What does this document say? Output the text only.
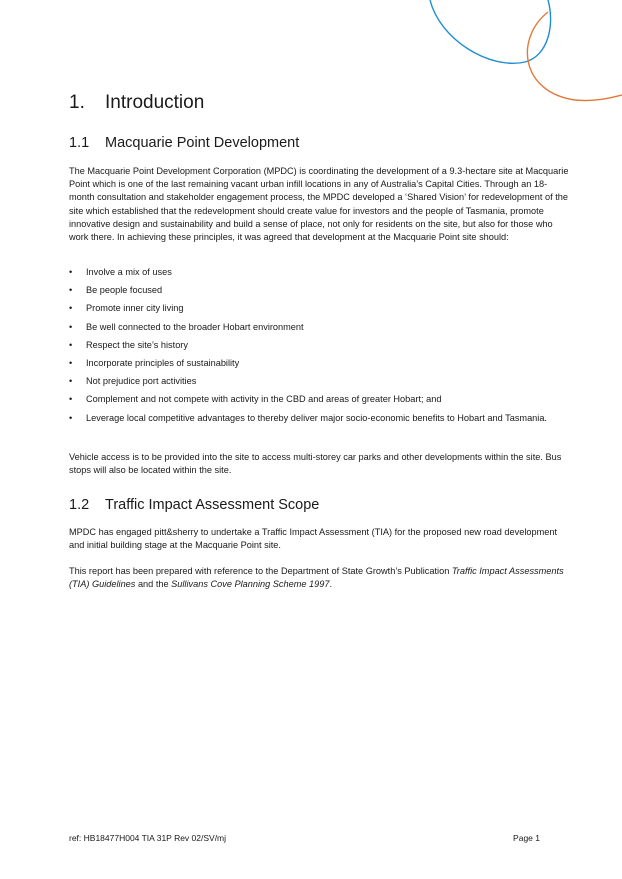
1. Introduction
1.1 Macquarie Point Development

The Macquarie Point Development Corporation (MPDC) is coordinating the development of a 9.3-hectare site at Macquarie Point which is one of the last remaining vacant urban infill locations in any of Australia’s Capital Cities. Through an 18-month consultation and stakeholder engagement process, the MPDC developed a ‘Shared Vision’ for redevelopment of the site which established that the redevelopment should create value for investors and the people of Tasmania, promote innovative design and sustainability and build a sense of place, not only for residents on the site, but also for those who work there. In achieving these principles, it was agreed that development at the Macquarie Point site should:

•	Involve a mix of uses
•	Be people focused
•	Promote inner city living
•	Be well connected to the broader Hobart environment
•	Respect the site’s history
•	Incorporate principles of sustainability
•	Not prejudice port activities
•	Complement and not compete with activity in the CBD and areas of greater Hobart; and
•	Leverage local competitive advantages to thereby deliver major socio-economic benefits to Hobart and Tasmania.

Vehicle access is to be provided into the site to access multi-storey car parks and other developments within the site. Bus stops will also be located within the site.

1.2 Traffic Impact Assessment Scope

MPDC has engaged pitt&sherry to undertake a Traffic Impact Assessment (TIA) for the proposed new road development and initial building stage at the Macquarie Point site.

This report has been prepared with reference to the Department of State Growth’s Publication Traffic Impact Assessments (TIA) Guidelines and the Sullivans Cove Planning Scheme 1997.

ref: HB18477H004 TIA 31P Rev 02/SV/mj	Page 1
